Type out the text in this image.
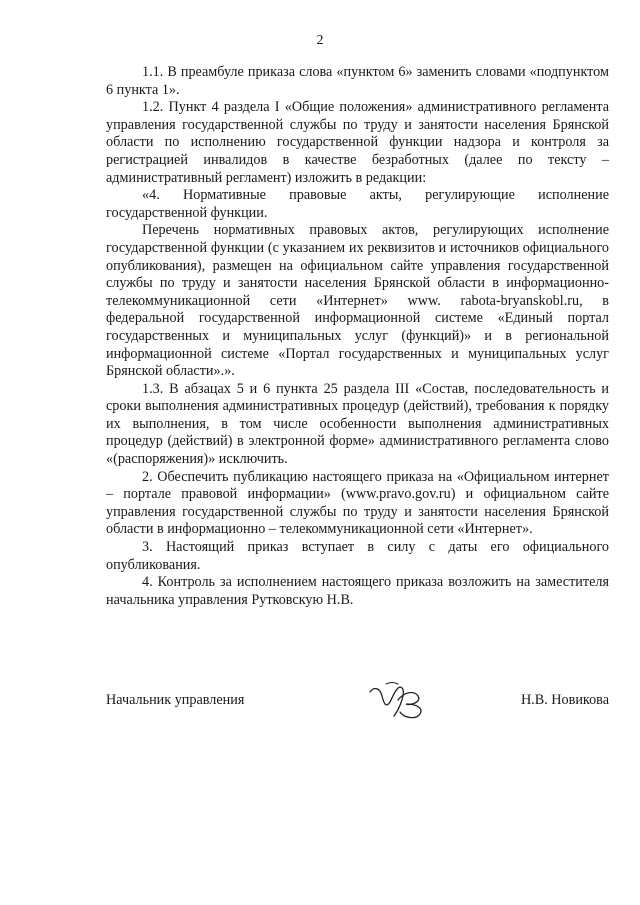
2

1.1. В преамбуле приказа слова «пунктом 6» заменить словами «подпунктом 6 пункта 1».

1.2. Пункт 4 раздела I «Общие положения» административного регламента управления государственной службы по труду и занятости населения Брянской области по исполнению государственной функции надзора и контроля за регистрацией инвалидов в качестве безработных (далее по тексту – административный регламент) изложить в редакции:

«4. Нормативные правовые акты, регулирующие исполнение государственной функции.

Перечень нормативных правовых актов, регулирующих исполнение государственной функции (с указанием их реквизитов и источников официального опубликования), размещен на официальном сайте управления государственной службы по труду и занятости населения Брянской области в информационно-телекоммуникационной сети «Интернет» www. rabota-bryanskobl.ru, в федеральной государственной информационной системе «Единый портал государственных и муниципальных услуг (функций)» и в региональной информационной системе «Портал государственных и муниципальных услуг Брянской области».».

1.3. В абзацах 5 и 6 пункта 25 раздела III «Состав, последовательность и сроки выполнения административных процедур (действий), требования к порядку их выполнения, в том числе особенности выполнения административных процедур (действий) в электронной форме» административного регламента слово «(распоряжения)» исключить.

2. Обеспечить публикацию настоящего приказа на «Официальном интернет – портале правовой информации» (www.pravo.gov.ru) и официальном сайте управления государственной службы по труду и занятости населения Брянской области в информационно – телекоммуникационной сети «Интернет».

3. Настоящий приказ вступает в силу с даты его официального опубликования.

4. Контроль за исполнением настоящего приказа возложить на заместителя начальника управления Рутковскую Н.В.

Начальник управления	Н.В. Новикова
